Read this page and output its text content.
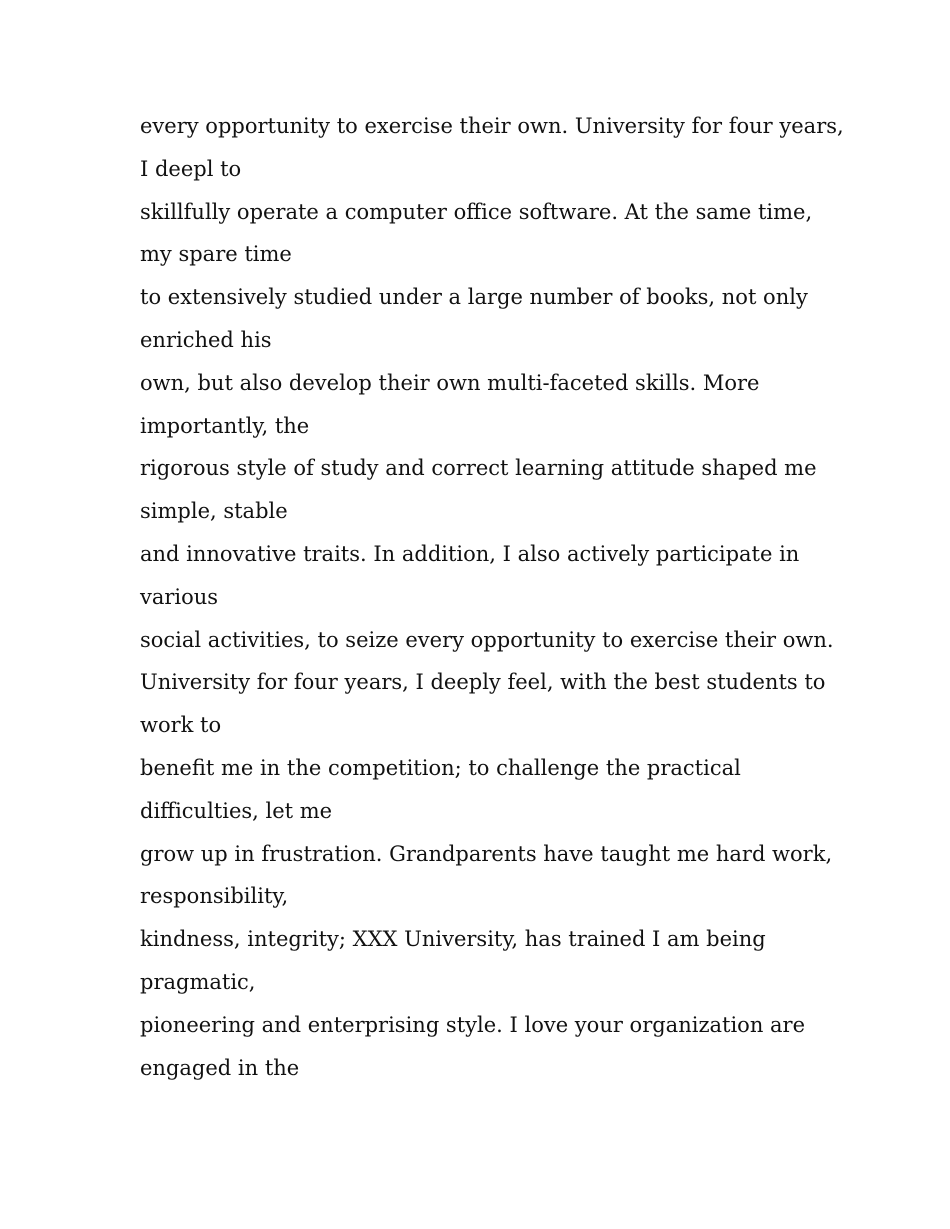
every opportunity to exercise their own. University for four years,
I deepl to
skillfully operate a computer office software. At the same time,
my spare time
to extensively studied under a large number of books, not only
enriched his
own, but also develop their own multi-faceted skills. More
importantly, the
rigorous style of study and correct learning attitude shaped me
simple, stable
and innovative traits. In addition, I also actively participate in
various
social activities, to seize every opportunity to exercise their own.
University for four years, I deeply feel, with the best students to
work to
benefit me in the competition; to challenge the practical
difficulties, let me
grow up in frustration. Grandparents have taught me hard work,
responsibility,
kindness, integrity; XXX University, has trained I am being
pragmatic,
pioneering and enterprising style. I love your organization are
engaged in the
